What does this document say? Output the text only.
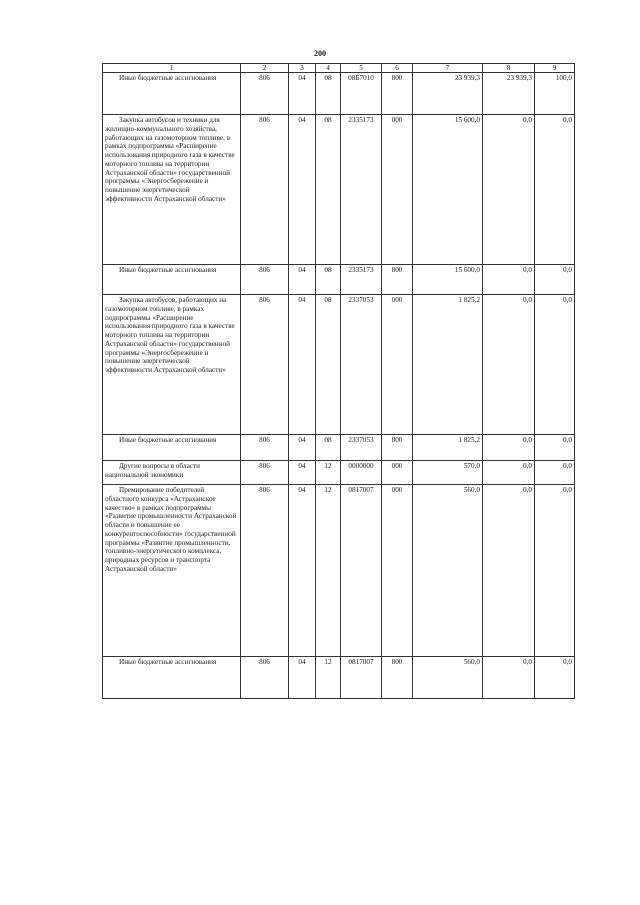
200
1	2	3	4	5	6	7	8	9

Иные бюджетные ассигнования	806	04	08	08Б7010	800	23 939,3	23 939,3	100,0

Закупка автобусов и техники для жилищно-коммунального хозяйства, работающих на газомоторном топливе, в рамках подпрограммы «Расширение использования природного газа в качестве моторного топлива на территории Астраханской области» государственной программы «Энергосбережение и повышение энергетической эффективности Астраханской области»	806	04	08	2335173	000	15 600,0	0,0	0,0

Иные бюджетные ассигнования	806	04	08	2335173	800	15 600,0	0,0	0,0

Закупка автобусов, работающих на газомоторном топливе, в рамках подпрограммы «Расширение использования природного газа в качестве моторного топлива на территории Астраханской области» государственной программы «Энергосбережение и повышение энергетической эффективности Астраханской области»	806	04	08	2337053	000	1 825,2	0,0	0,0

Иные бюджетные ассигнования	806	04	08	2337053	800	1 825,2	0,0	0,0

Другие вопросы в области национальной экономики	806	04	12	0000000	000	570,0	0,0	0,0

Премирование победителей областного конкурса «Астраханское качество» в рамках подпрограммы «Развитие промышленности Астраханской области и повышение ее конкурентоспособности» государственной программы «Развитие промышленности, топливно-энергетического комплекса, природных ресурсов и транспорта Астраханской области»	806	04	12	0817007	000	560,0	0,0	0,0

Иные бюджетные ассигнования	806	04	12	0817007	800	560,0	0,0	0,0
